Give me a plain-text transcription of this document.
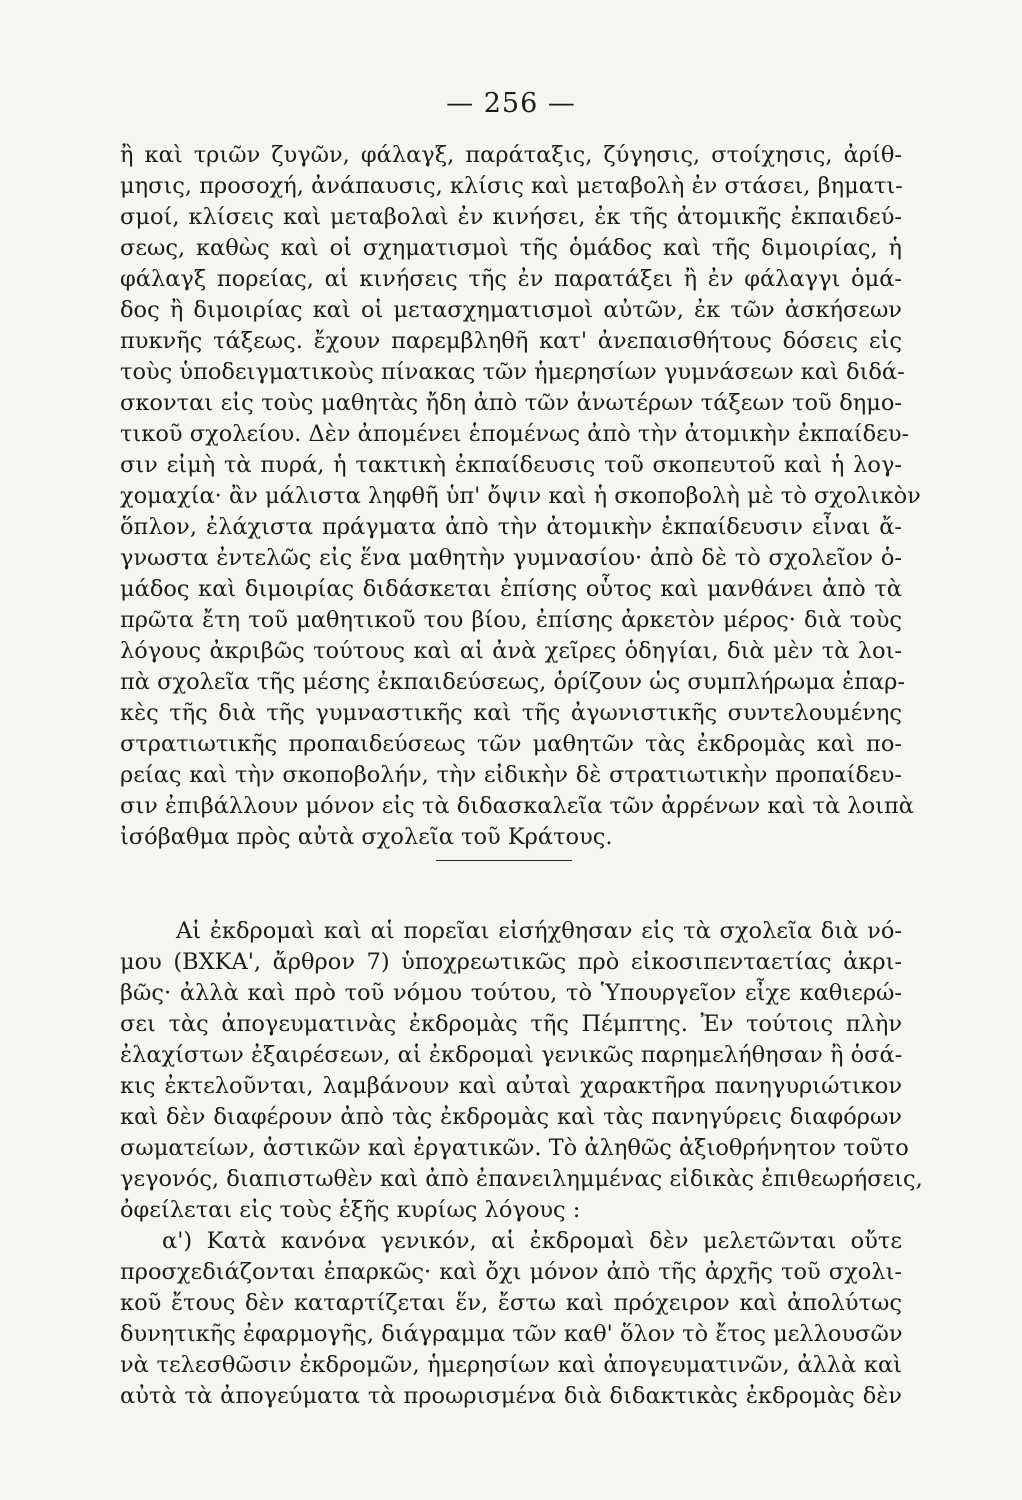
— 256 —
ἢ καὶ τριῶν ζυγῶν, φάλαγξ, παράταξις, ζύγησις, στοίχησις, ἀρίθ-
μησις, προσοχή, ἀνάπαυσις, κλίσις καὶ μεταβολὴ ἐν στάσει, βηματι-
σμοί, κλίσεις καὶ μεταβολαὶ ἐν κινήσει, ἐκ τῆς ἀτομικῆς ἐκπαιδεύ-
σεως, καθὼς καὶ οἱ σχηματισμοὶ τῆς ὁμάδος καὶ τῆς διμοιρίας, ἡ
φάλαγξ πορείας, αἱ κινήσεις τῆς ἐν παρατάξει ἢ ἐν φάλαγγι ὁμά-
δος ἢ διμοιρίας καὶ οἱ μετασχηματισμοὶ αὐτῶν, ἐκ τῶν ἀσκήσεων
πυκνῆς τάξεως. ἔχουν παρεμβληθῆ κατ' ἀνεπαισθήτους δόσεις εἰς
τοὺς ὑποδειγματικοὺς πίνακας τῶν ἡμερησίων γυμνάσεων καὶ διδά-
σκονται εἰς τοὺς μαθητὰς ἤδη ἀπὸ τῶν ἀνωτέρων τάξεων τοῦ δημο-
τικοῦ σχολείου. Δὲν ἀπομένει ἑπομένως ἀπὸ τὴν ἀτομικὴν ἐκπαίδευ-
σιν εἰμὴ τὰ πυρά, ἡ τακτικὴ ἐκπαίδευσις τοῦ σκοπευτοῦ καὶ ἡ λογ-
χομαχία· ἂν μάλιστα ληφθῆ ὑπ' ὄψιν καὶ ἡ σκοποβολὴ μὲ τὸ σχολικὸν
ὅπλον, ἐλάχιστα πράγματα ἀπὸ τὴν ἀτομικὴν ἐκπαίδευσιν εἶναι ἄ-
γνωστα ἐντελῶς εἰς ἕνα μαθητὴν γυμνασίου· ἀπὸ δὲ τὸ σχολεῖον ὁ-
μάδος καὶ διμοιρίας διδάσκεται ἐπίσης οὗτος καὶ μανθάνει ἀπὸ τὰ
πρῶτα ἔτη τοῦ μαθητικοῦ του βίου, ἐπίσης ἀρκετὸν μέρος· διὰ τοὺς
λόγους ἀκριβῶς τούτους καὶ αἱ ἀνὰ χεῖρες ὁδηγίαι, διὰ μὲν τὰ λοι-
πὰ σχολεῖα τῆς μέσης ἐκπαιδεύσεως, ὁρίζουν ὡς συμπλήρωμα ἐπαρ-
κὲς τῆς διὰ τῆς γυμναστικῆς καὶ τῆς ἀγωνιστικῆς συντελουμένης
στρατιωτικῆς προπαιδεύσεως τῶν μαθητῶν τὰς ἐκδρομὰς καὶ πο-
ρείας καὶ τὴν σκοποβολήν, τὴν εἰδικὴν δὲ στρατιωτικὴν προπαίδευ-
σιν ἐπιβάλλουν μόνον εἰς τὰ διδασκαλεῖα τῶν ἀρρένων καὶ τὰ λοιπὰ
ἰσόβαθμα πρὸς αὐτὰ σχολεῖα τοῦ Κράτους.
Αἱ ἐκδρομαὶ καὶ αἱ πορεῖαι εἰσήχθησαν εἰς τὰ σχολεῖα διὰ νό-
μου (ΒΧΚΑ', ἄρθρον 7) ὑποχρεωτικῶς πρὸ εἰκοσιπενταετίας ἀκρι-
βῶς· ἀλλὰ καὶ πρὸ τοῦ νόμου τούτου, τὸ Ὑπουργεῖον εἶχε καθιερώ-
σει τὰς ἀπογευματινὰς ἐκδρομὰς τῆς Πέμπτης. Ἐν τούτοις πλὴν
ἐλαχίστων ἐξαιρέσεων, αἱ ἐκδρομαὶ γενικῶς παρημελήθησαν ἢ ὁσά-
κις ἐκτελοῦνται, λαμβάνουν καὶ αὐταὶ χαρακτῆρα πανηγυριώτικον
καὶ δὲν διαφέρουν ἀπὸ τὰς ἐκδρομὰς καὶ τὰς πανηγύρεις διαφόρων
σωματείων, ἀστικῶν καὶ ἐργατικῶν. Τὸ ἀληθῶς ἀξιοθρήνητον τοῦτο
γεγονός, διαπιστωθὲν καὶ ἀπὸ ἐπανειλημμένας εἰδικὰς ἐπιθεωρήσεις,
ὀφείλεται εἰς τοὺς ἑξῆς κυρίως λόγους :
α') Κατὰ κανόνα γενικόν, αἱ ἐκδρομαὶ δὲν μελετῶνται οὔτε
προσχεδιάζονται ἐπαρκῶς· καὶ ὄχι μόνον ἀπὸ τῆς ἀρχῆς τοῦ σχολι-
κοῦ ἔτους δὲν καταρτίζεται ἕν, ἔστω καὶ πρόχειρον καὶ ἀπολύτως
δυνητικῆς ἐφαρμογῆς, διάγραμμα τῶν καθ' ὅλον τὸ ἔτος μελλουσῶν
νὰ τελεσθῶσιν ἐκδρομῶν, ἡμερησίων καὶ ἀπογευματινῶν, ἀλλὰ καὶ
αὐτὰ τὰ ἀπογεύματα τὰ προωρισμένα διὰ διδακτικὰς ἐκδρομὰς δὲν
